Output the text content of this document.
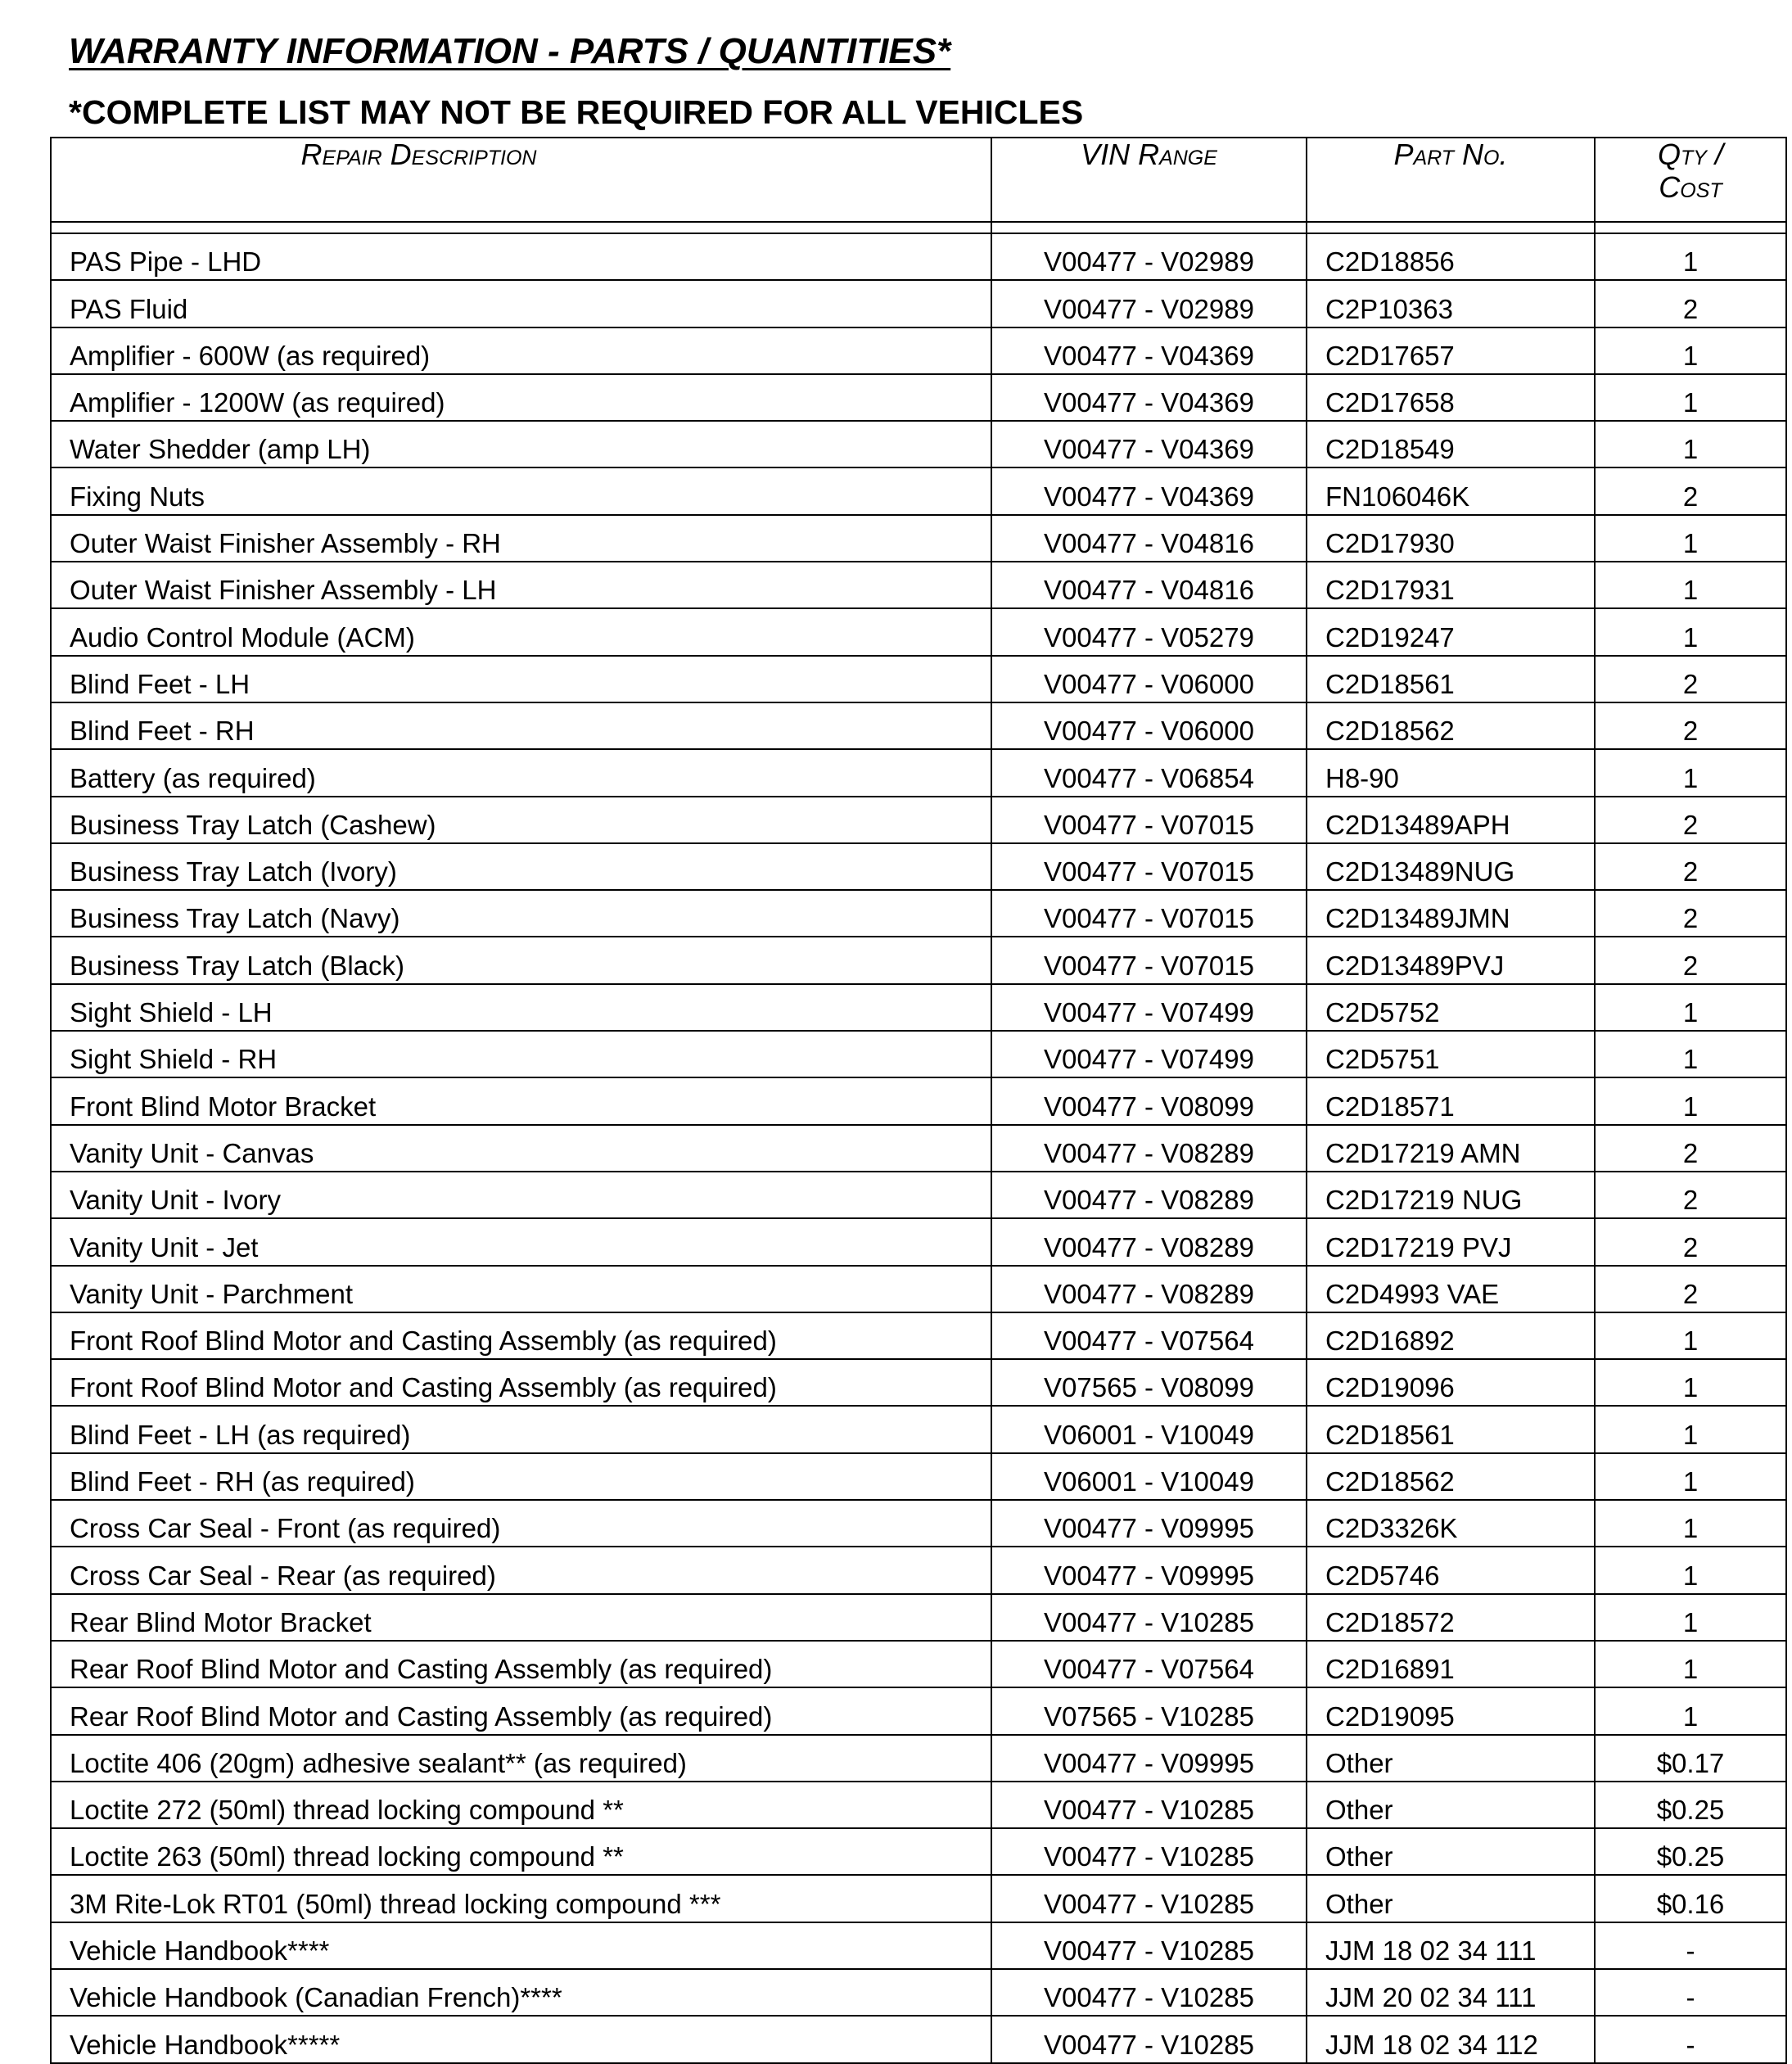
WARRANTY INFORMATION - PARTS / QUANTITIES*
*COMPLETE LIST MAY NOT BE REQUIRED FOR ALL VEHICLES
Repair Description	VIN Range	Part No.	Qty /
Cost

PAS Pipe - LHD	V00477 - V02989	C2D18856	1
PAS Fluid	V00477 - V02989	C2P10363	2
Amplifier - 600W (as required)	V00477 - V04369	C2D17657	1
Amplifier - 1200W (as required)	V00477 - V04369	C2D17658	1
Water Shedder (amp LH)	V00477 - V04369	C2D18549	1
Fixing Nuts	V00477 - V04369	FN106046K	2
Outer Waist Finisher Assembly - RH	V00477 - V04816	C2D17930	1
Outer Waist Finisher Assembly - LH	V00477 - V04816	C2D17931	1
Audio Control Module (ACM)	V00477 - V05279	C2D19247	1
Blind Feet - LH	V00477 - V06000	C2D18561	2
Blind Feet - RH	V00477 - V06000	C2D18562	2
Battery (as required)	V00477 - V06854	H8-90	1
Business Tray Latch (Cashew)	V00477 - V07015	C2D13489APH	2
Business Tray Latch (Ivory)	V00477 - V07015	C2D13489NUG	2
Business Tray Latch (Navy)	V00477 - V07015	C2D13489JMN	2
Business Tray Latch (Black)	V00477 - V07015	C2D13489PVJ	2
Sight Shield - LH	V00477 - V07499	C2D5752	1
Sight Shield - RH	V00477 - V07499	C2D5751	1
Front Blind Motor Bracket	V00477 - V08099	C2D18571	1
Vanity Unit - Canvas	V00477 - V08289	C2D17219 AMN	2
Vanity Unit - Ivory	V00477 - V08289	C2D17219 NUG	2
Vanity Unit - Jet	V00477 - V08289	C2D17219 PVJ	2
Vanity Unit - Parchment	V00477 - V08289	C2D4993 VAE	2
Front Roof Blind Motor and Casting Assembly (as required)	V00477 - V07564	C2D16892	1
Front Roof Blind Motor and Casting Assembly (as required)	V07565 - V08099	C2D19096	1
Blind Feet - LH (as required)	V06001 - V10049	C2D18561	1
Blind Feet - RH (as required)	V06001 - V10049	C2D18562	1
Cross Car Seal - Front (as required)	V00477 - V09995	C2D3326K	1
Cross Car Seal - Rear (as required)	V00477 - V09995	C2D5746	1
Rear Blind Motor Bracket	V00477 - V10285	C2D18572	1
Rear Roof Blind Motor and Casting Assembly (as required)	V00477 - V07564	C2D16891	1
Rear Roof Blind Motor and Casting Assembly (as required)	V07565 - V10285	C2D19095	1
Loctite 406 (20gm) adhesive sealant** (as required)	V00477 - V09995	Other	$0.17
Loctite 272 (50ml) thread locking compound **	V00477 - V10285	Other	$0.25
Loctite 263 (50ml) thread locking compound **	V00477 - V10285	Other	$0.25
3M Rite-Lok RT01 (50ml) thread locking compound ***	V00477 - V10285	Other	$0.16
Vehicle Handbook****	V00477 - V10285	JJM 18 02 34 111	-
Vehicle Handbook (Canadian French)****	V00477 - V10285	JJM 20 02 34 111	-
Vehicle Handbook*****	V00477 - V10285	JJM 18 02 34 112	-
